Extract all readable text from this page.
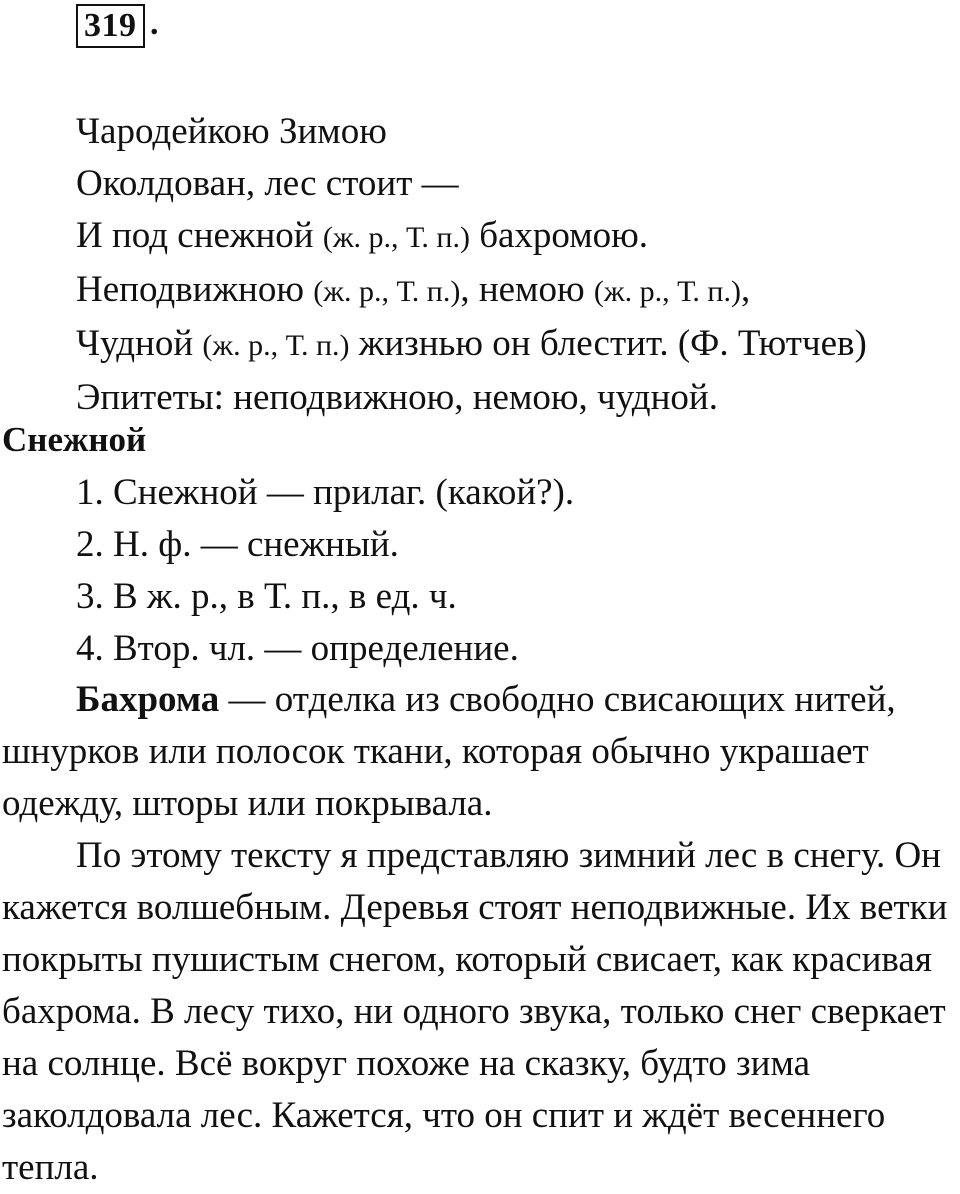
319 .
Чародейкою Зимою
Околдован, лес стоит —
И под снежной (ж. р., Т. п.) бахромою.
Неподвижною (ж. р., Т. п.), немою (ж. р., Т. п.),
Чудной (ж. р., Т. п.) жизнью он блестит. (Ф. Тютчев)
Эпитеты: неподвижною, немою, чудной.
Снежной
1. Снежной — прилаг. (какой?).
2. Н. ф. — снежный.
3. В ж. р., в Т. п., в ед. ч.
4. Втор. чл. — определение.
Бахрома — отделка из свободно свисающих нитей, шнурков или полосок ткани, которая обычно украшает одежду, шторы или покрывала.
По этому тексту я представляю зимний лес в снегу. Он кажется волшебным. Деревья стоят неподвижные. Их ветки покрыты пушистым снегом, который свисает, как красивая бахрома. В лесу тихо, ни одного звука, только снег сверкает на солнце. Всё вокруг похоже на сказку, будто зима заколдовала лес. Кажется, что он спит и ждёт весеннего тепла.
